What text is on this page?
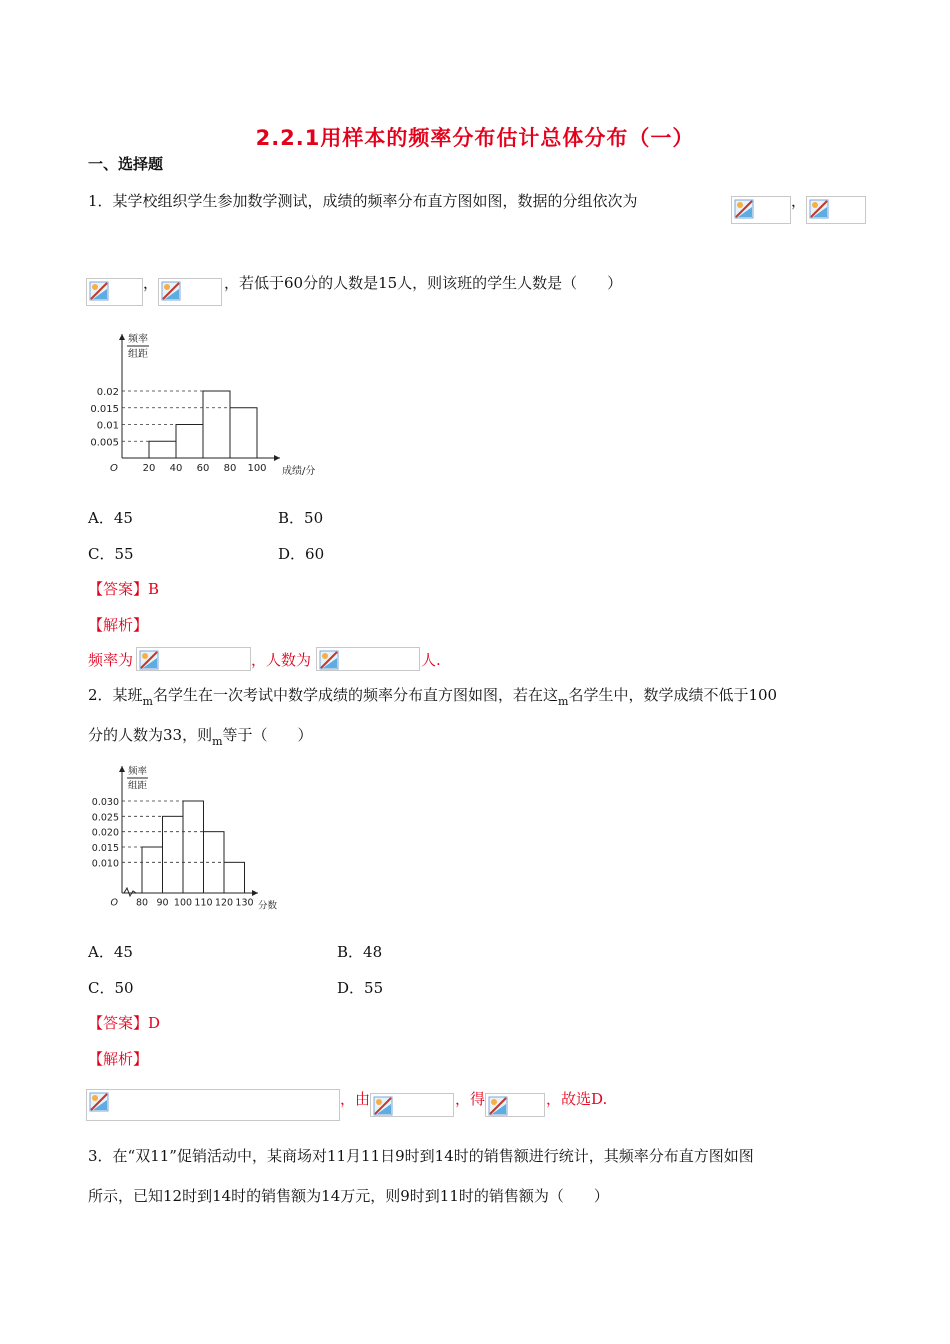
2.2.1用样本的频率分布估计总体分布（一）
一、选择题
1．某学校组织学生参加数学测试，成绩的频率分布直方图如图，数据的分组依次为	，
，	，若低于60分的人数是15人，则该班的学生人数是（　　）
频率
组距
O	成绩/分
0.02
0.015
0.01
0.005
20 40 60 80 100
A．45	B．50
C．55	D．60
【答案】B
【解析】
频率为	，人数为	人.
2．某班$_m$名学生在一次考试中数学成绩的频率分布直方图如图，若在这$_m$名学生中，数学成绩不低于100
分的人数为33，则$_m$等于（　　）
频率
组距
O	分数
0.030
0.025
0.020
0.015
0.010
80 90 100 110 120 130
A．45	B．48
C．50	D．55
【答案】D
【解析】
，由	，得	，故选D.
3．在“双11”促销活动中，某商场对11月11日9时到14时的销售额进行统计，其频率分布直方图如图
所示，已知12时到14时的销售额为14万元，则9时到11时的销售额为（　　）
